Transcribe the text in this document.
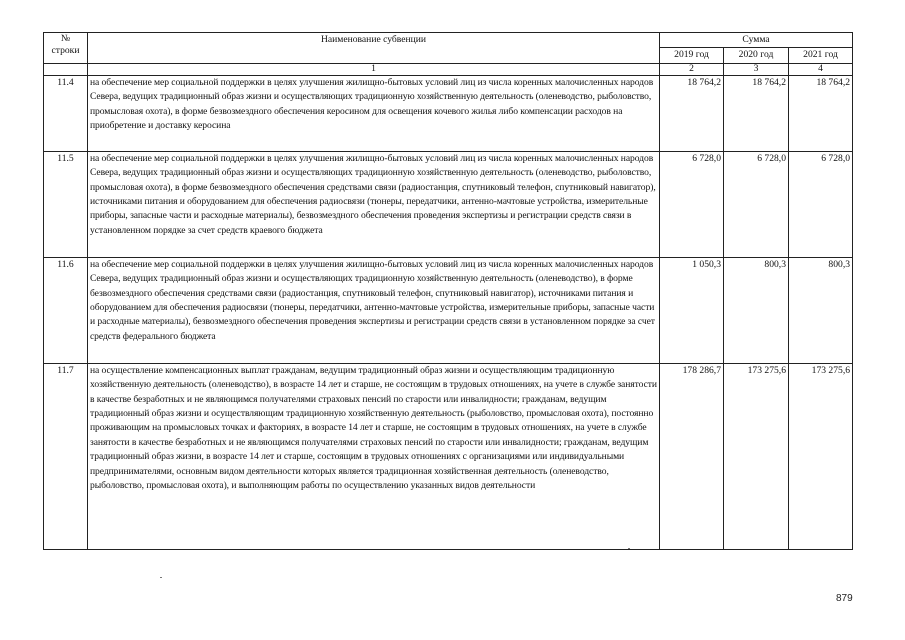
№
строки	Наименование субвенции	Сумма		
		2019 год	2020 год	2021 год
	1	2	3	4
11.4	на обеспечение мер социальной поддержки в целях улучшения жилищно-бытовых условий лиц из числа коренных малочисленных народов Севера, ведущих традиционный образ жизни и осуществляющих традиционную хозяйственную деятельность (оленеводство, рыболовство, промысловая охота), в форме безвозмездного обеспечения керосином для освещения кочевого жилья либо компенсации расходов на приобретение и доставку керосина	18 764,2	18 764,2	18 764,2
11.5	на обеспечение мер социальной поддержки в целях улучшения жилищно-бытовых условий лиц из числа коренных малочисленных народов Севера, ведущих традиционный образ жизни и осуществляющих традиционную хозяйственную деятельность (оленеводство, рыболовство, промысловая охота), в форме безвозмездного обеспечения средствами связи (радиостанция, спутниковый телефон, спутниковый навигатор), источниками питания и оборудованием для обеспечения радиосвязи (тюнеры, передатчики, антенно-мачтовые устройства, измерительные приборы, запасные части и расходные материалы), безвозмездного обеспечения проведения экспертизы и регистрации средств связи в установленном порядке за счет средств краевого бюджета	6 728,0	6 728,0	6 728,0
11.6	на обеспечение мер социальной поддержки в целях улучшения жилищно-бытовых условий лиц из числа коренных малочисленных народов Севера, ведущих традиционный образ жизни и осуществляющих традиционную хозяйственную деятельность (оленеводство), в форме безвозмездного обеспечения средствами связи (радиостанция, спутниковый телефон, спутниковый навигатор), источниками питания и оборудованием для обеспечения радиосвязи (тюнеры, передатчики, антенно-мачтовые устройства, измерительные приборы, запасные части и расходные материалы), безвозмездного обеспечения проведения экспертизы и регистрации средств связи в установленном порядке за счет средств федерального бюджета	1 050,3	800,3	800,3
11.7	на осуществление компенсационных выплат гражданам, ведущим традиционный образ жизни и осуществляющим традиционную хозяйственную деятельность (оленеводство), в возрасте 14 лет и старше, не состоящим в трудовых отношениях, на учете в службе занятости в качестве безработных и не являющимся получателями страховых пенсий по старости или инвалидности; гражданам, ведущим традиционный образ жизни и осуществляющим традиционную хозяйственную деятельность (рыболовство, промысловая охота), постоянно проживающим на промысловых точках и факториях, в возрасте 14 лет и старше, не состоящим в трудовых отношениях, на учете в службе занятости в качестве безработных и не являющимся получателями страховых пенсий по старости или инвалидности; гражданам, ведущим традиционный образ жизни, в возрасте 14 лет и старше, состоящим в трудовых отношениях с организациями или индивидуальными предпринимателями, основным видом деятельности которых является традиционная хозяйственная деятельность (оленеводство, рыболовство, промысловая охота), и выполняющим работы по осуществлению указанных видов деятельности	178 286,7	173 275,6	173 275,6
879
